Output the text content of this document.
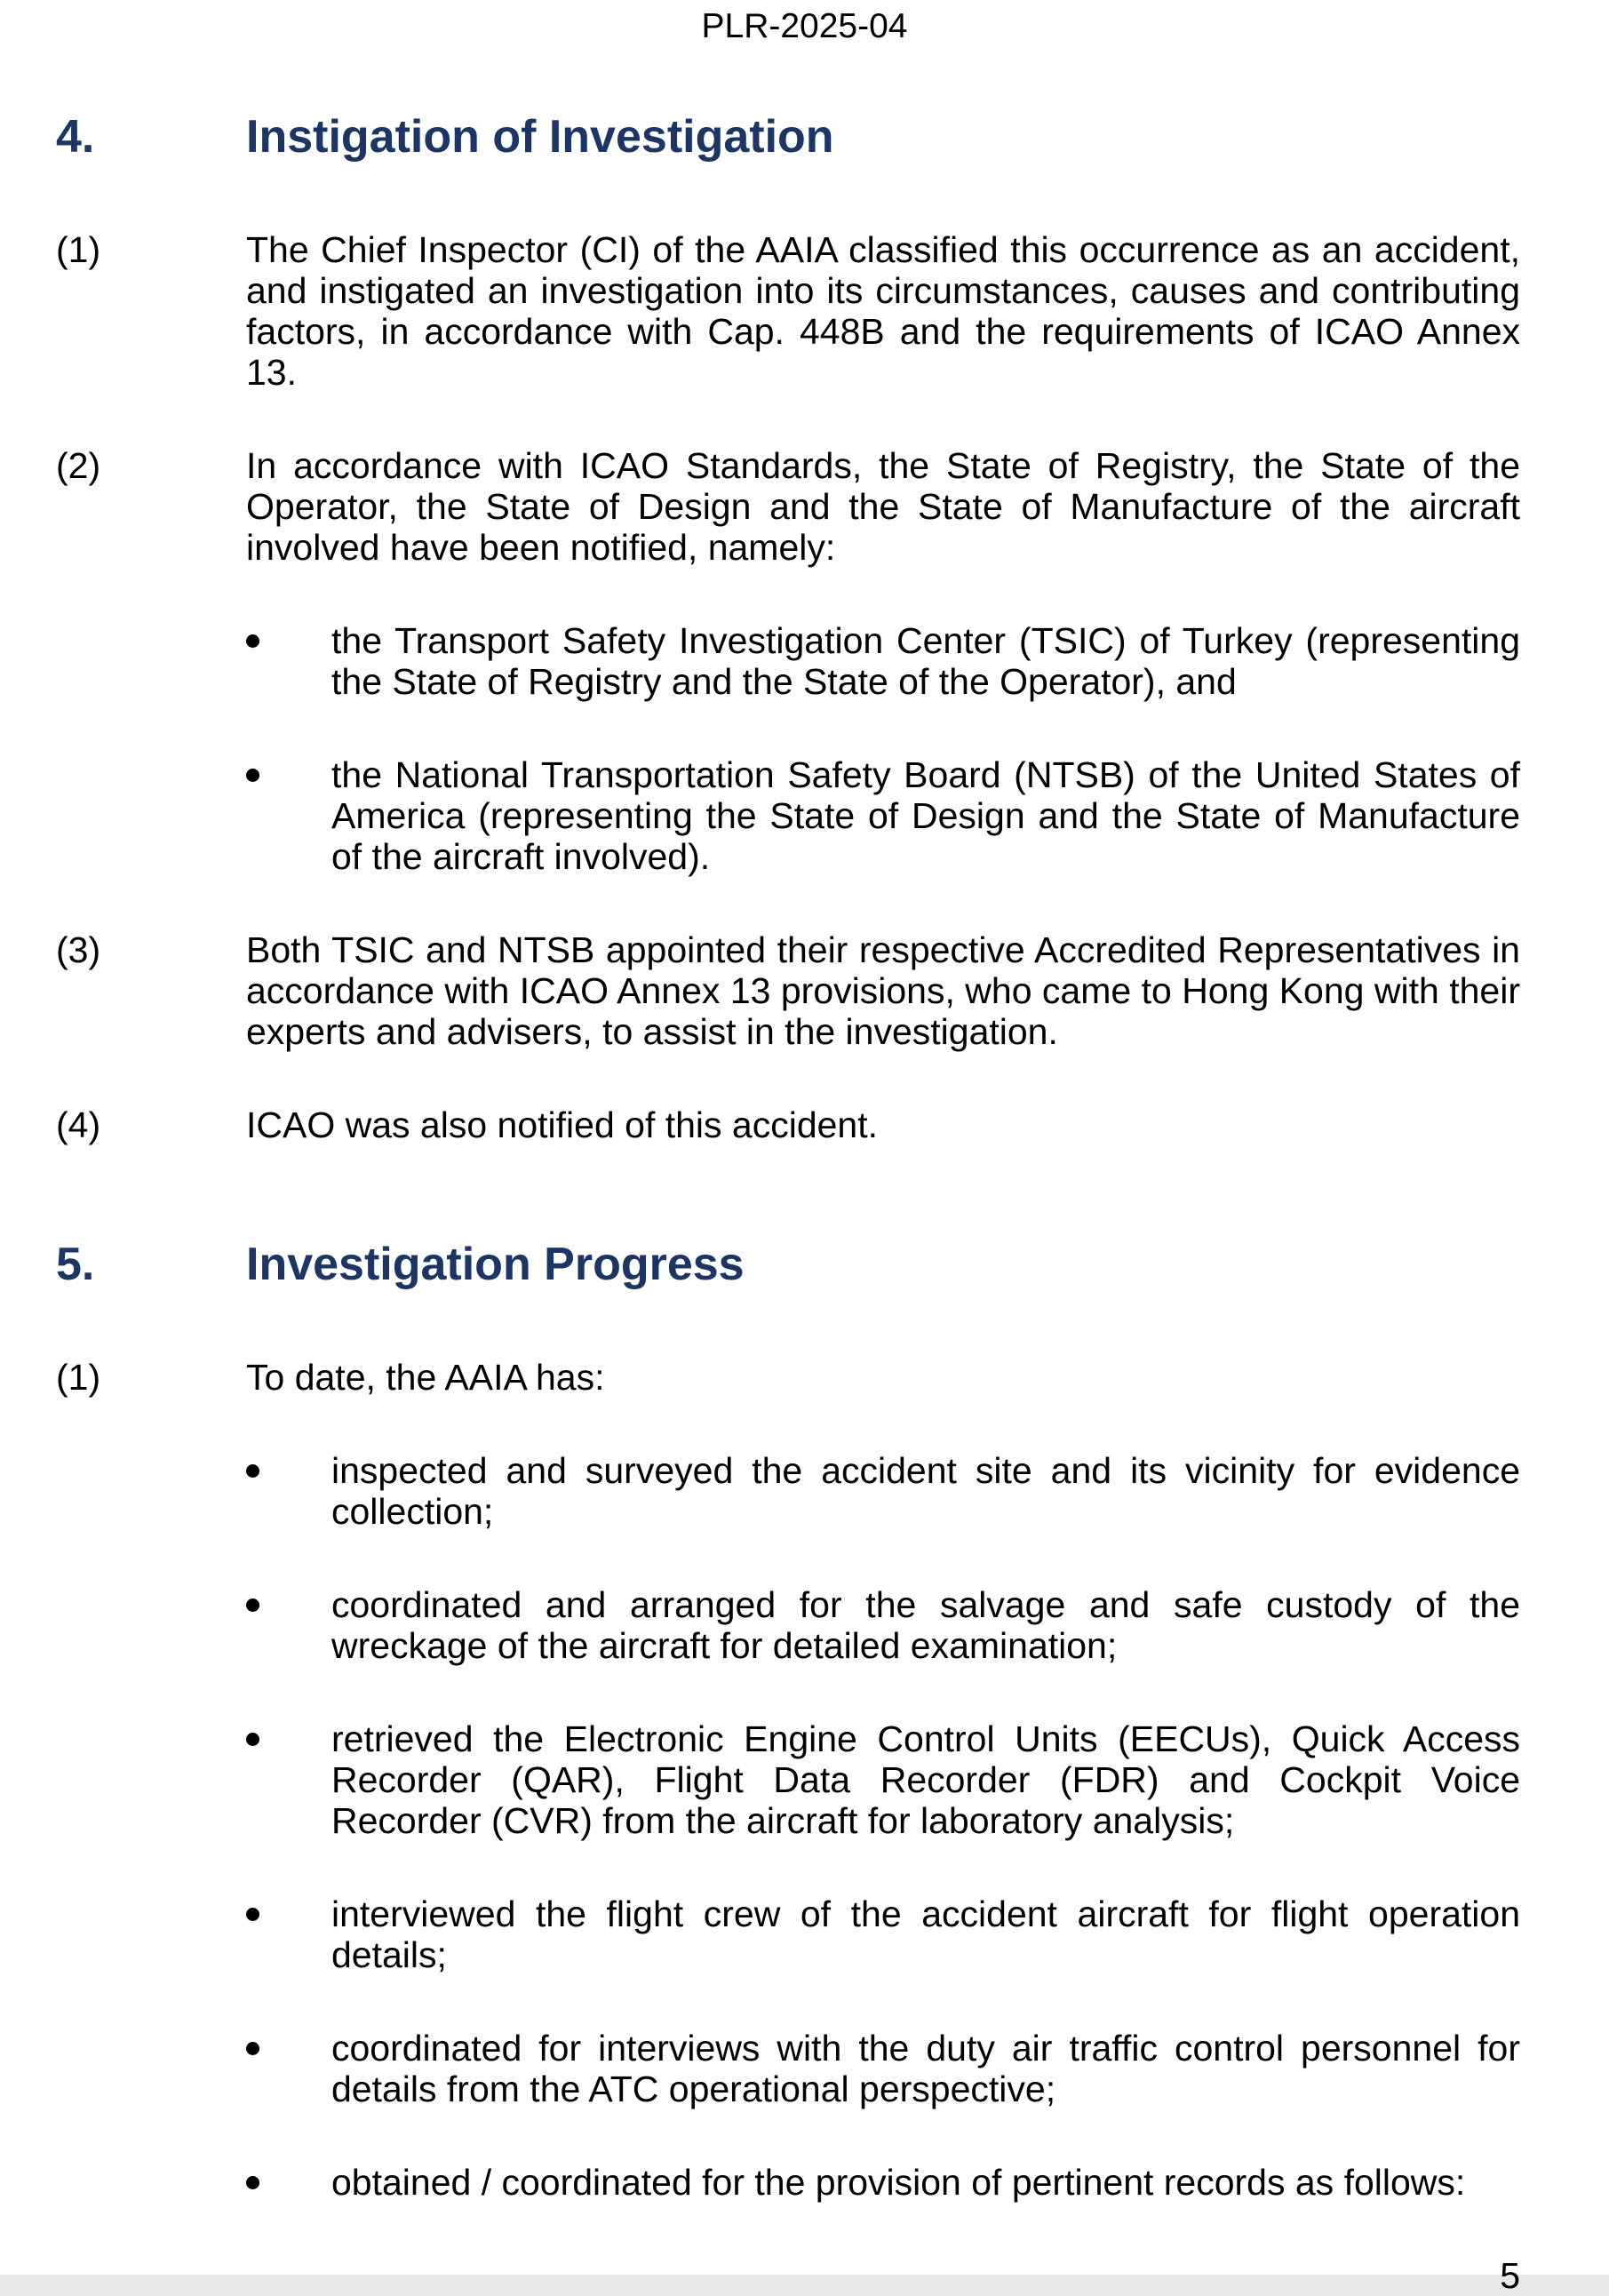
PLR-2025-04
4.	Instigation of Investigation
(1)	The Chief Inspector (CI) of the AAIA classified this occurrence as an accident, and instigated an investigation into its circumstances, causes and contributing factors, in accordance with Cap. 448B and the requirements of ICAO Annex 13.
(2)	In accordance with ICAO Standards, the State of Registry, the State of the Operator, the State of Design and the State of Manufacture of the aircraft involved have been notified, namely:
the Transport Safety Investigation Center (TSIC) of Turkey (representing the State of Registry and the State of the Operator), and
the National Transportation Safety Board (NTSB) of the United States of America (representing the State of Design and the State of Manufacture of the aircraft involved).
(3)	Both TSIC and NTSB appointed their respective Accredited Representatives in accordance with ICAO Annex 13 provisions, who came to Hong Kong with their experts and advisers, to assist in the investigation.
(4)	ICAO was also notified of this accident.
5.	Investigation Progress
(1)	To date, the AAIA has:
inspected and surveyed the accident site and its vicinity for evidence collection;
coordinated and arranged for the salvage and safe custody of the wreckage of the aircraft for detailed examination;
retrieved the Electronic Engine Control Units (EECUs), Quick Access Recorder (QAR), Flight Data Recorder (FDR) and Cockpit Voice Recorder (CVR) from the aircraft for laboratory analysis;
interviewed the flight crew of the accident aircraft for flight operation details;
coordinated for interviews with the duty air traffic control personnel for details from the ATC operational perspective;
obtained / coordinated for the provision of pertinent records as follows:
5
